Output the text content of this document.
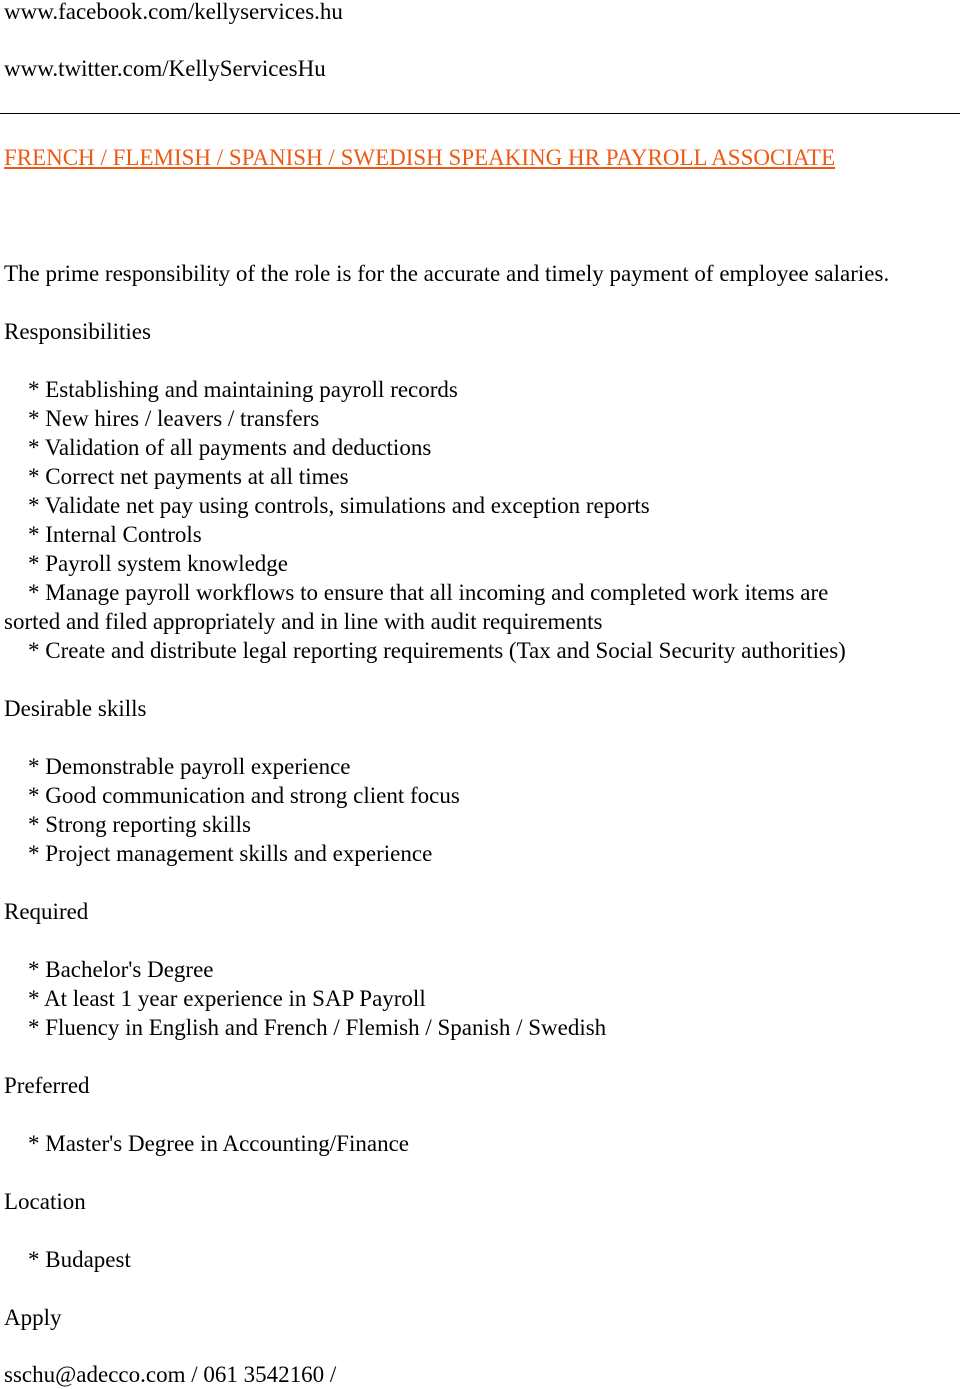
www.facebook.com/kellyservices.hu
www.twitter.com/KellyServicesHu
FRENCH / FLEMISH / SPANISH / SWEDISH SPEAKING HR PAYROLL ASSOCIATE
The prime responsibility of the role is for the accurate and timely payment of employee salaries.
Responsibilities
* Establishing and maintaining payroll records
* New hires / leavers / transfers
* Validation of all payments and deductions
* Correct net payments at all times
* Validate net pay using controls, simulations and exception reports
* Internal Controls
* Payroll system knowledge
* Manage payroll workflows to ensure that all incoming and completed work items are
sorted and filed appropriately and in line with audit requirements
* Create and distribute legal reporting requirements (Tax and Social Security authorities)
Desirable skills
* Demonstrable payroll experience
* Good communication and strong client focus
* Strong reporting skills
* Project management skills and experience
Required
* Bachelor's Degree
* At least 1 year experience in SAP Payroll
* Fluency in English and French / Flemish / Spanish / Swedish
Preferred
* Master's Degree in Accounting/Finance
Location
* Budapest
Apply
sschu@adecco.com / 061 3542160 /
